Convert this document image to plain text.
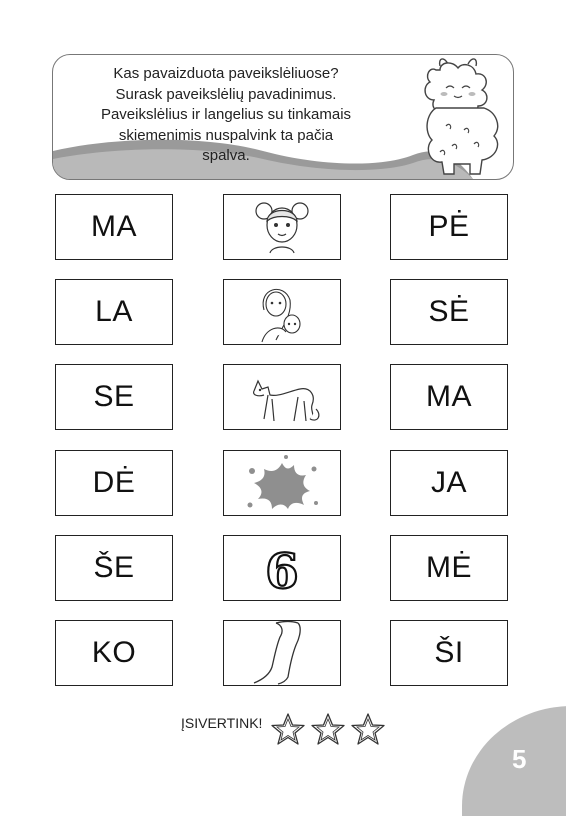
Kas pavaizduota paveikslėliuose?
Surask paveikslėlių pavadinimus.
Paveikslėlius ir langelius su tinkamais
skiemenimis nuspalvink ta pačia
spalva.
MA	PĖ
LA	SĖ
SE	MA
DĖ	JA
ŠE	6	MĖ
KO	ŠI
ĮSIVERTINK!
5
